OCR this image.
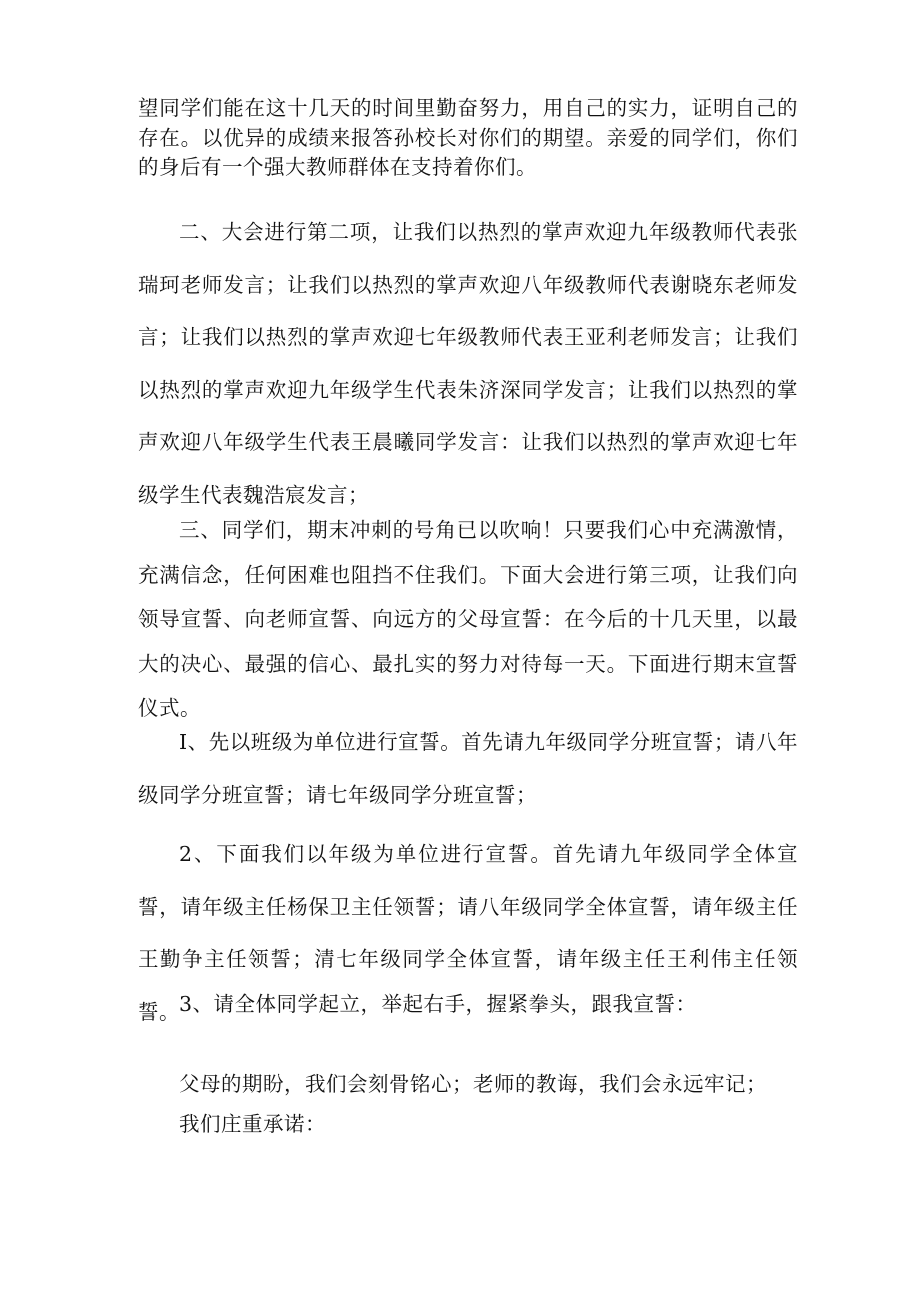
望同学们能在这十几天的时间里勤奋努力，用自己的实力，证明自己的存在。以优异的成绩来报答孙校长对你们的期望。亲爱的同学们，你们的身后有一个强大教师群体在支持着你们。

二、大会进行第二项，让我们以热烈的掌声欢迎九年级教师代表张瑞珂老师发言；让我们以热烈的掌声欢迎八年级教师代表谢晓东老师发言；让我们以热烈的掌声欢迎七年级教师代表王亚利老师发言；让我们以热烈的掌声欢迎九年级学生代表朱济深同学发言；让我们以热烈的掌声欢迎八年级学生代表王晨曦同学发言：让我们以热烈的掌声欢迎七年级学生代表魏浩宸发言；

三、同学们，期末冲刺的号角已以吹响！只要我们心中充满激情，充满信念，任何困难也阻挡不住我们。下面大会进行第三项，让我们向领导宣誓、向老师宣誓、向远方的父母宣誓：在今后的十几天里，以最大的决心、最强的信心、最扎实的努力对待每一天。下面进行期末宣誓仪式。

I、先以班级为单位进行宣誓。首先请九年级同学分班宣誓；请八年级同学分班宣誓；请七年级同学分班宣誓；

2、下面我们以年级为单位进行宣誓。首先请九年级同学全体宣誓，请年级主任杨保卫主任领誓；请八年级同学全体宣誓，请年级主任王勤争主任领誓；清七年级同学全体宣誓，请年级主任王利伟主任领誓。 3、请全体同学起立，举起右手，握紧拳头，跟我宣誓：

父母的期盼，我们会刻骨铭心；老师的教诲，我们会永远牢记；

我们庄重承诺：
